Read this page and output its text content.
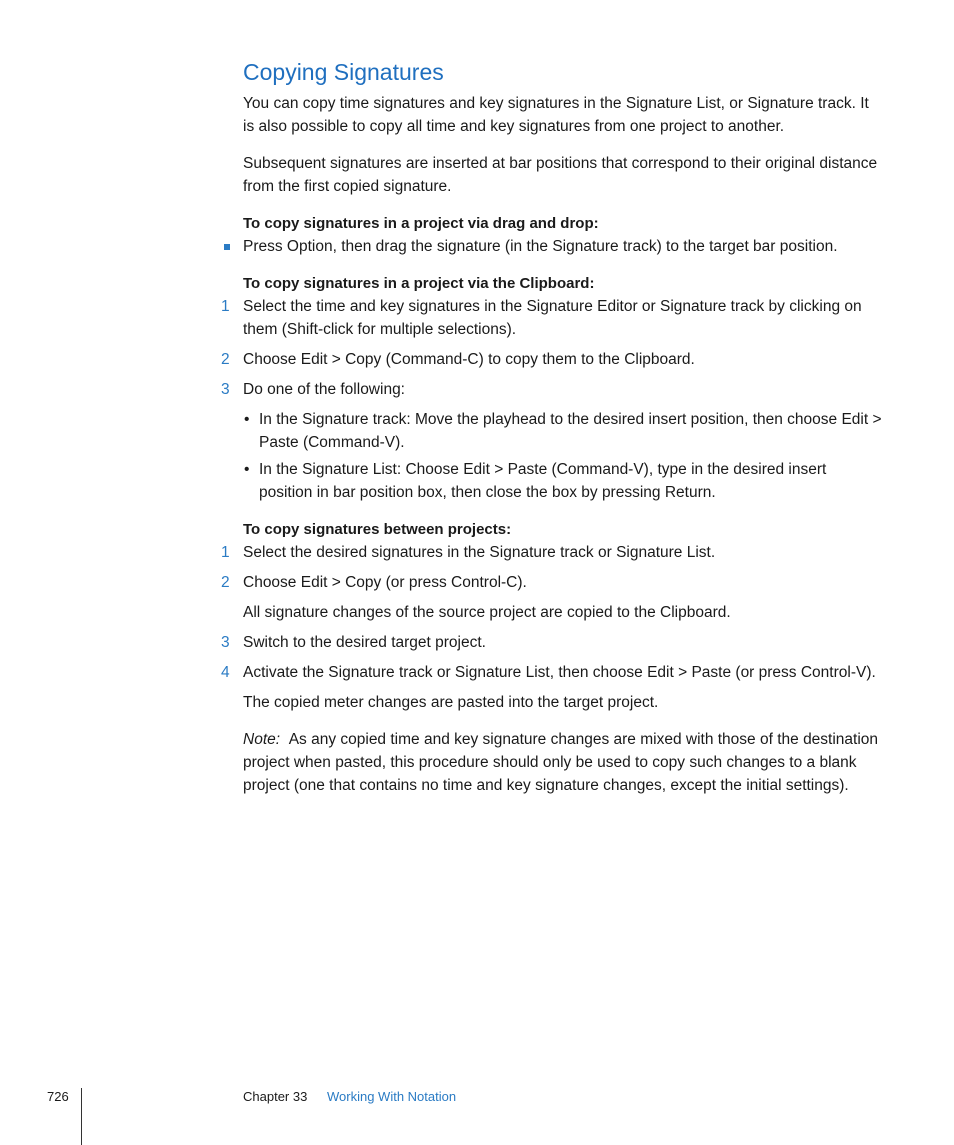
Copying Signatures

You can copy time signatures and key signatures in the Signature List, or Signature track. It is also possible to copy all time and key signatures from one project to another.

Subsequent signatures are inserted at bar positions that correspond to their original distance from the first copied signature.

To copy signatures in a project via drag and drop:
Press Option, then drag the signature (in the Signature track) to the target bar position.
To copy signatures in a project via the Clipboard:
1 Select the time and key signatures in the Signature Editor or Signature track by clicking on them (Shift-click for multiple selections).
2 Choose Edit > Copy (Command-C) to copy them to the Clipboard.
3 Do one of the following:
• In the Signature track: Move the playhead to the desired insert position, then choose Edit > Paste (Command-V).
• In the Signature List: Choose Edit > Paste (Command-V), type in the desired insert position in bar position box, then close the box by pressing Return.
To copy signatures between projects:
1 Select the desired signatures in the Signature track or Signature List.
2 Choose Edit > Copy (or press Control-C).

All signature changes of the source project are copied to the Clipboard.

3 Switch to the desired target project.
4 Activate the Signature track or Signature List, then choose Edit > Paste (or press Control-V).

The copied meter changes are pasted into the target project.

Note: As any copied time and key signature changes are mixed with those of the destination project when pasted, this procedure should only be used to copy such changes to a blank project (one that contains no time and key signature changes, except the initial settings).

726	Chapter 33 Working With Notation
